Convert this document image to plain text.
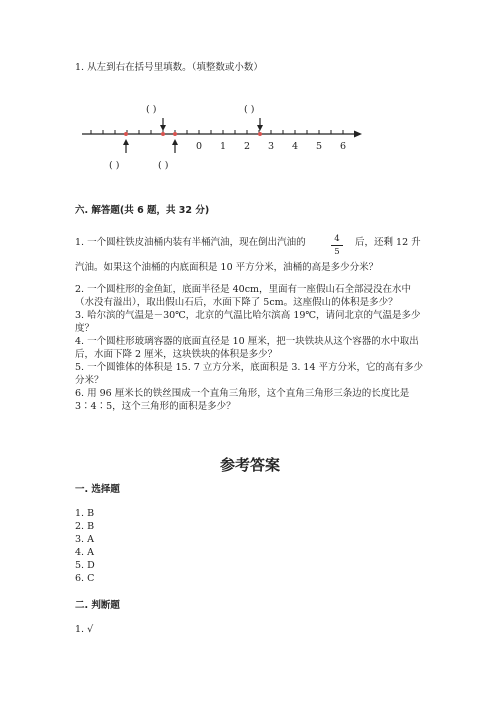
1. 从左到右在括号里填数。（填整数或小数）
( )	( )
( )	( )
0 1 2 3 4 5 6
六. 解答题(共 6 题，共 32 分)
1. 一个圆柱铁皮油桶内装有半桶汽油，现在倒出汽油的	4
5
后，还剩 12 升
汽油。如果这个油桶的内底面积是 10 平方分米，油桶的高是多少分米？
2. 一个圆柱形的金鱼缸，底面半径是 40cm，里面有一座假山石全部浸没在水中（水没有溢出），取出假山石后，水面下降了 5cm。这座假山的体积是多少？
3. 哈尔滨的气温是－30℃，北京的气温比哈尔滨高 19℃，请问北京的气温是多少度？
4. 一个圆柱形玻璃容器的底面直径是 10 厘米，把一块铁块从这个容器的水中取出后，水面下降 2 厘米，这块铁块的体积是多少？
5. 一个圆锥体的体积是 15. 7 立方分米，底面积是 3. 14 平方分米，它的高有多少分米？
6. 用 96 厘米长的铁丝围成一个直角三角形，这个直角三角形三条边的长度比是 3∶4∶5，这个三角形的面积是多少？
参考答案
一. 选择题
1. B
2. B
3. A
4. A
5. D
6. C
二. 判断题
1. √
